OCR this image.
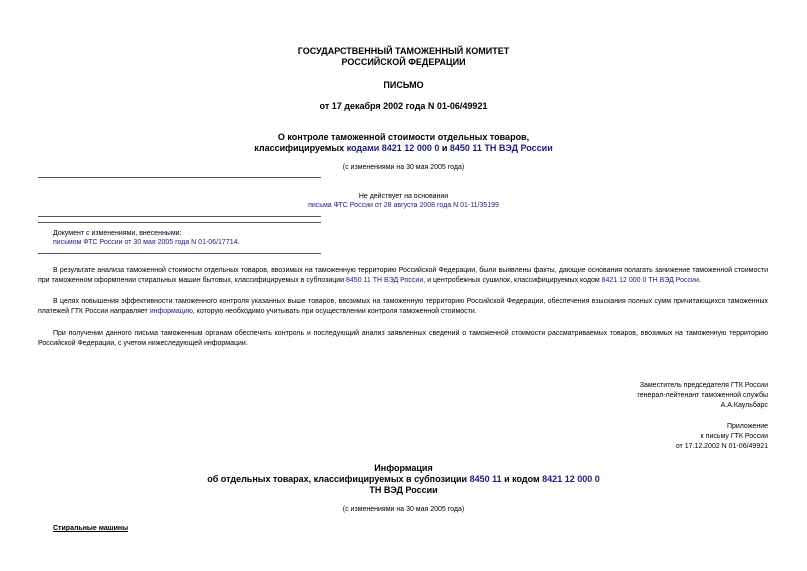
ГОСУДАРСТВЕННЫЙ ТАМОЖЕННЫЙ КОМИТЕТ
РОССИЙСКОЙ ФЕДЕРАЦИИ
ПИСЬМО
от 17 декабря 2002 года N 01-06/49921
О контроле таможенной стоимости отдельных товаров,
классифицируемых кодами 8421 12 000 0 и 8450 11 ТН ВЭД России
(с изменениями на 30 мая 2005 года)
Не действует на основании
письма ФТС России от 28 августа 2008 года N 01-11/35199
Документ с изменениями, внесенными:
письмом ФТС России от 30 мая 2005 года N 01-06/17714.
В результате анализа таможенной стоимости отдельных товаров, ввозимых на таможенную территорию Российской Федерации, были выявлены факты, дающие основания полагать занижение таможенной стоимости при таможенном оформлении стиральных машин бытовых, классифицируемых в субпозиции 8450 11 ТН ВЭД России, и центробежных сушилок, классифицируемых кодом 8421 12 000 0 ТН ВЭД России.
В целях повышения эффективности таможенного контроля указанных выше товаров, ввозимых на таможенную территорию Российской Федерации, обеспечения взыскания полных сумм причитающихся таможенных платежей ГТК России направляет информацию, которую необходимо учитывать при осуществлении контроля таможенной стоимости.
При получении данного письма таможенным органам обеспечить контроль и последующий анализ заявленных сведений о таможенной стоимости рассматриваемых товаров, ввозимых на таможенную территорию Российской Федерации, с учетом нижеследующей информации.
Заместитель председателя ГТК России
генерал-лейтенант таможенной службы
А.А.Каульбарс
Приложение
к письму ГТК России
от 17.12.2002 N 01-06/49921
Информация
об отдельных товарах, классифицируемых в субпозиции 8450 11 и кодом 8421 12 000 0
ТН ВЭД России
(с изменениями на 30 мая 2005 года)
Стиральные машины
